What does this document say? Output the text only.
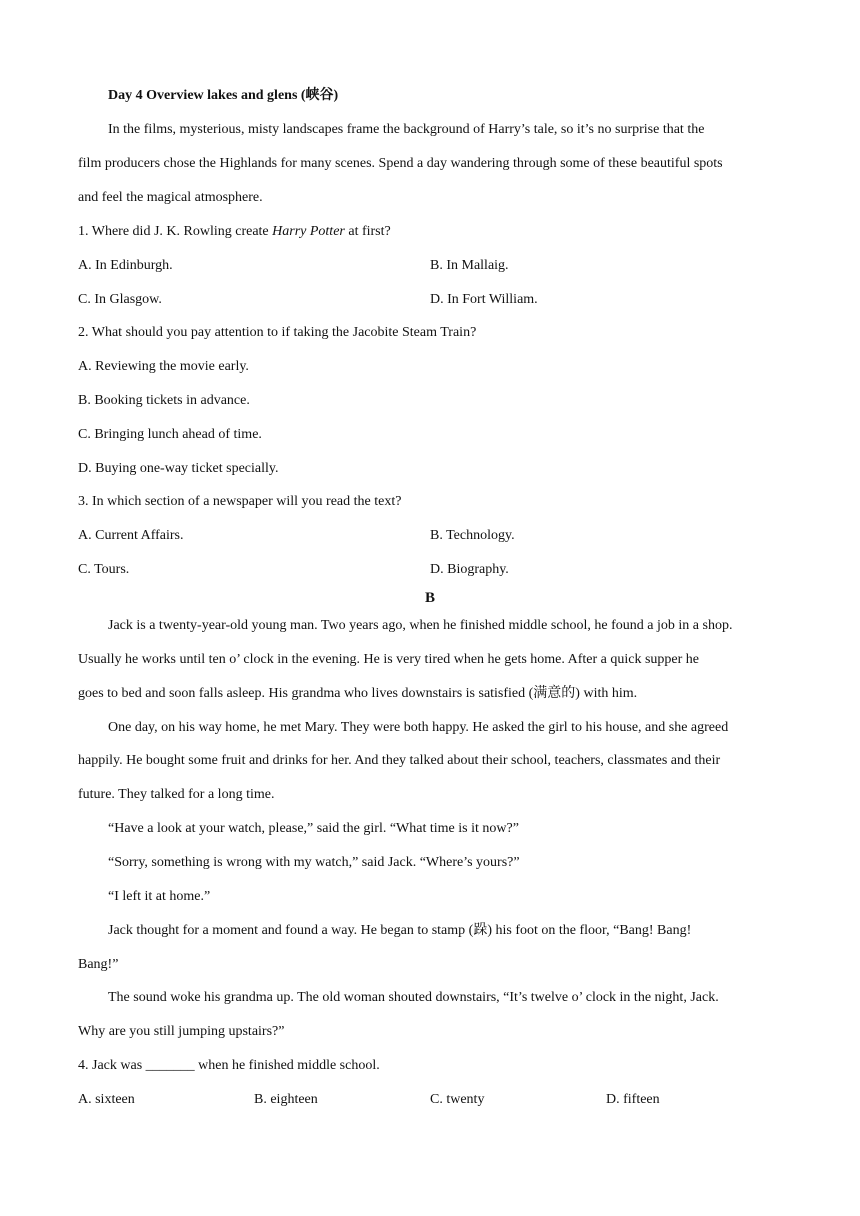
Day 4 Overview lakes and glens (峡谷)
In the films, mysterious, misty landscapes frame the background of Harry’s tale, so it’s no surprise that the
film producers chose the Highlands for many scenes. Spend a day wandering through some of these beautiful spots
and feel the magical atmosphere.
1. Where did J. K. Rowling create Harry Potter at first?
A. In Edinburgh.	B. In Mallaig.
C. In Glasgow.	D. In Fort William.
2. What should you pay attention to if taking the Jacobite Steam Train?
A. Reviewing the movie early.
B. Booking tickets in advance.
C. Bringing lunch ahead of time.
D. Buying one-way ticket specially.
3. In which section of a newspaper will you read the text?
A. Current Affairs.	B. Technology.
C. Tours.	D. Biography.
B
Jack is a twenty-year-old young man. Two years ago, when he finished middle school, he found a job in a shop.
Usually he works until ten o’ clock in the evening. He is very tired when he gets home. After a quick supper he
goes to bed and soon falls asleep. His grandma who lives downstairs is satisfied (满意的) with him.
One day, on his way home, he met Mary. They were both happy. He asked the girl to his house, and she agreed
happily. He bought some fruit and drinks for her. And they talked about their school, teachers, classmates and their
future. They talked for a long time.
“Have a look at your watch, please,” said the girl. “What time is it now?”
“Sorry, something is wrong with my watch,” said Jack. “Where’s yours?”
“I left it at home.”
Jack thought for a moment and found a way. He began to stamp (跺) his foot on the floor, “Bang! Bang!
Bang!”
The sound woke his grandma up. The old woman shouted downstairs, “It’s twelve o’ clock in the night, Jack.
Why are you still jumping upstairs?”
4. Jack was _______ when he finished middle school.
A. sixteen	B. eighteen	C. twenty	D. fifteen
